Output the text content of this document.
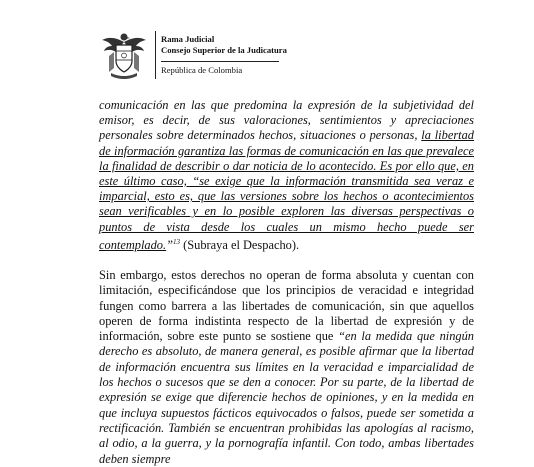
Rama Judicial
Consejo Superior de la Judicatura
República de Colombia

comunicación en las que predomina la expresión de la subjetividad del emisor, es decir, de sus valoraciones, sentimientos y apreciaciones personales sobre determinados hechos, situaciones o personas, la libertad de información garantiza las formas de comunicación en las que prevalece la finalidad de describir o dar noticia de lo acontecido. Es por ello que, en este último caso, “se exige que la información transmitida sea veraz e imparcial, esto es, que las versiones sobre los hechos o acontecimientos sean verificables y en lo posible exploren las diversas perspectivas o puntos de vista desde los cuales un mismo hecho puede ser contemplado.”$^{13}$ (Subraya el Despacho).

Sin embargo, estos derechos no operan de forma absoluta y cuentan con limitación, especificándose que los principios de veracidad e integridad fungen como barrera a las libertades de comunicación, sin que aquellos operen de forma indistinta respecto de la libertad de expresión y de información, sobre este punto se sostiene que “en la medida que ningún derecho es absoluto, de manera general, es posible afirmar que la libertad de información encuentra sus límites en la veracidad e imparcialidad de los hechos o sucesos que se den a conocer. Por su parte, de la libertad de expresión se exige que diferencie hechos de opiniones, y en la medida en que incluya supuestos fácticos equivocados o falsos, puede ser sometida a rectificación. También se encuentran prohibidas las apologías al racismo, al odio, a la guerra, y la pornografía infantil. Con todo, ambas libertades deben siempre
